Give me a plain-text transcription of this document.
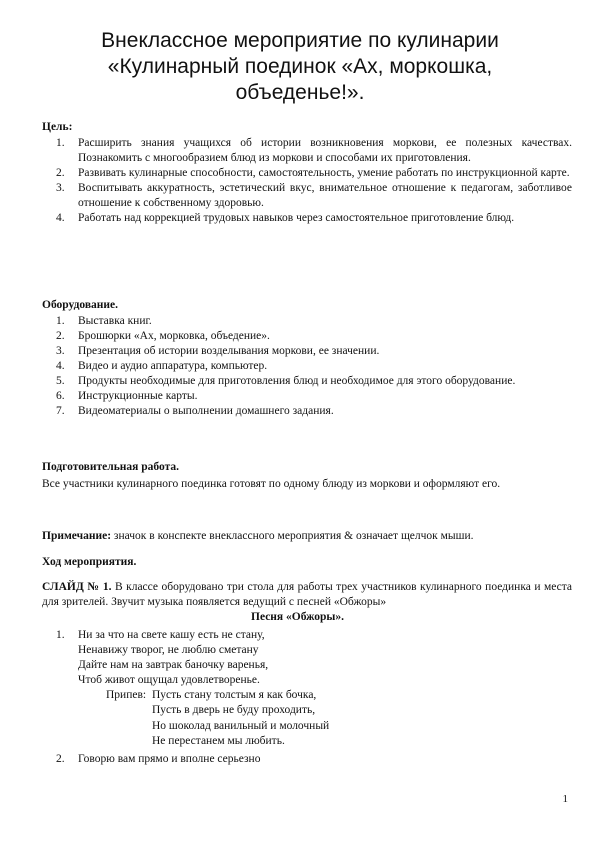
Внеклассное мероприятие по кулинарии
«Кулинарный поединок «Ах, моркошка,
объеденье!».
Цель:
1. Расширить знания учащихся об истории возникновения моркови, ее полезных качествах. Познакомить с многообразием блюд из моркови и способами их приготовления.
2. Развивать кулинарные способности, самостоятельность, умение работать по инструкционной карте.
3. Воспитывать аккуратность, эстетический вкус, внимательное отношение к педагогам, заботливое отношение к собственному здоровью.
4. Работать над коррекцией трудовых навыков через самостоятельное приготовление блюд.
Оборудование.
1. Выставка книг.
2. Брошюрки «Ах, морковка, объедение».
3. Презентация об истории возделывания моркови, ее значении.
4. Видео и аудио аппаратура, компьютер.
5. Продукты необходимые для приготовления блюд и необходимое для этого оборудование.
6. Инструкционные карты.
7. Видеоматериалы о выполнении домашнего задания.
Подготовительная работа.
Все участники кулинарного поединка готовят по одному блюду из моркови и оформляют его.
Примечание: значок в конспекте внеклассного мероприятия & означает щелчок мыши.
Ход мероприятия.
СЛАЙД № 1. В классе оборудовано три стола для работы трех участников кулинарного поединка и места для зрителей. Звучит музыка появляется ведущий с песней «Обжоры»
Песня «Обжоры».
1. Ни за что на свете кашу есть не стану,
Ненавижу творог, не люблю сметану
Дайте нам на завтрак баночку варенья,
Чтоб живот ощущал удовлетворенье.
Припев: Пусть стану толстым я как бочка,
Пусть в дверь не буду проходить,
Но шоколад ванильный и молочный
Не перестанем мы любить.
2. Говорю вам прямо и вполне серьезно
1
